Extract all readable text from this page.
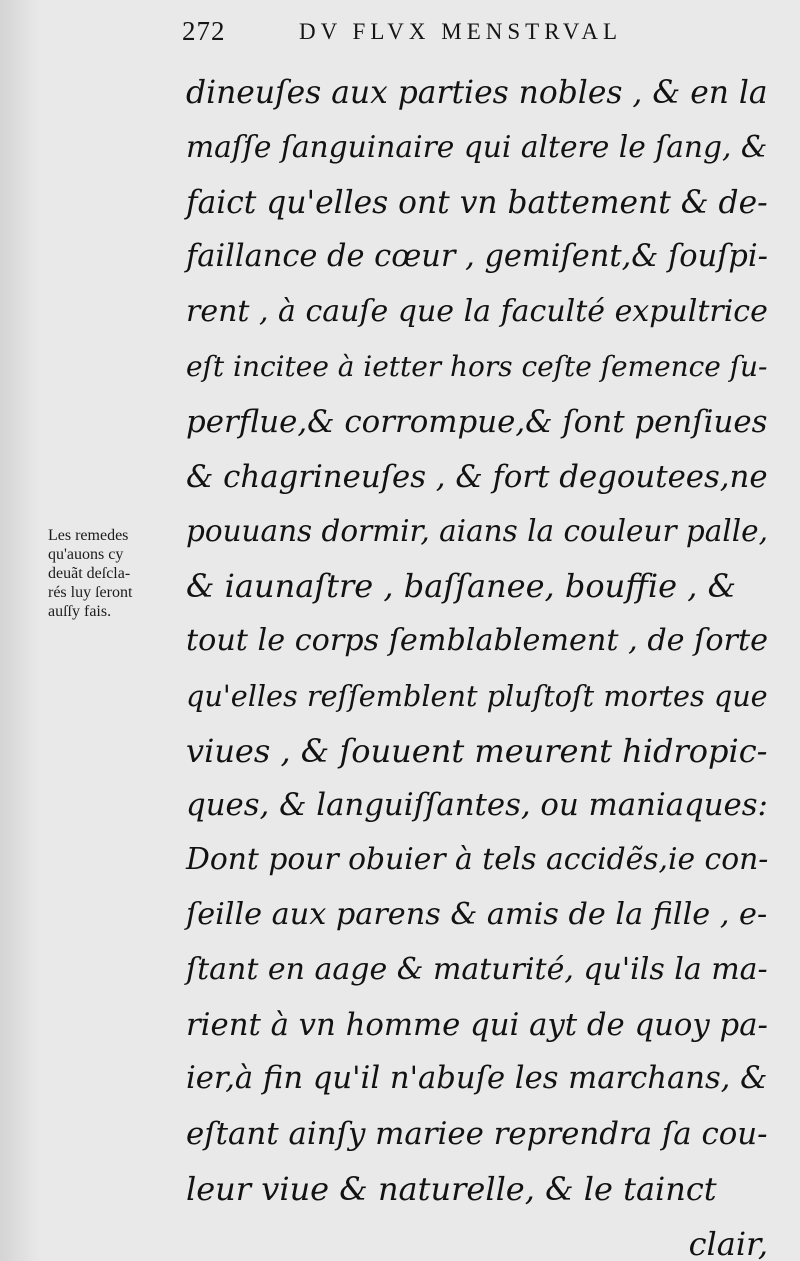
272	DV FLVX MENSTRVAL
Les remedes
qu'auons cy
deuãt deſcla-
rés luy ſeront
auſſy fais.
dineuſes aux parties nobles , & en la
maſſe ſanguinaire qui altere le ſang, &
faict qu'elles ont vn battement & de-
faillance de cœur , gemiſent,& ſouſpi-
rent , à cauſe que la faculté expultrice
eſt incitee à ietter hors ceſte ſemence ſu-
perflue,& corrompue,& ſont penſiues
& chagrineuſes , & fort degoutees,ne
pouuans dormir, aians la couleur palle,
& iaunaſtre , baſſanee, bouffie , &
tout le corps ſemblablement , de ſorte
qu'elles reſſemblent pluſtoſt mortes que
viues , & ſouuent meurent hidropic-
ques, & languiſſantes, ou maniaques:
Dont pour obuier à tels accidẽs,ie con-
ſeille aux parens & amis de la fille , e-
ſtant en aage & maturité, qu'ils la ma-
rient à vn homme qui ayt de quoy pa-
ier,à fin qu'il n'abuſe les marchans, &
eſtant ainſy mariee reprendra ſa cou-
leur viue & naturelle, & le tainct
clair,
